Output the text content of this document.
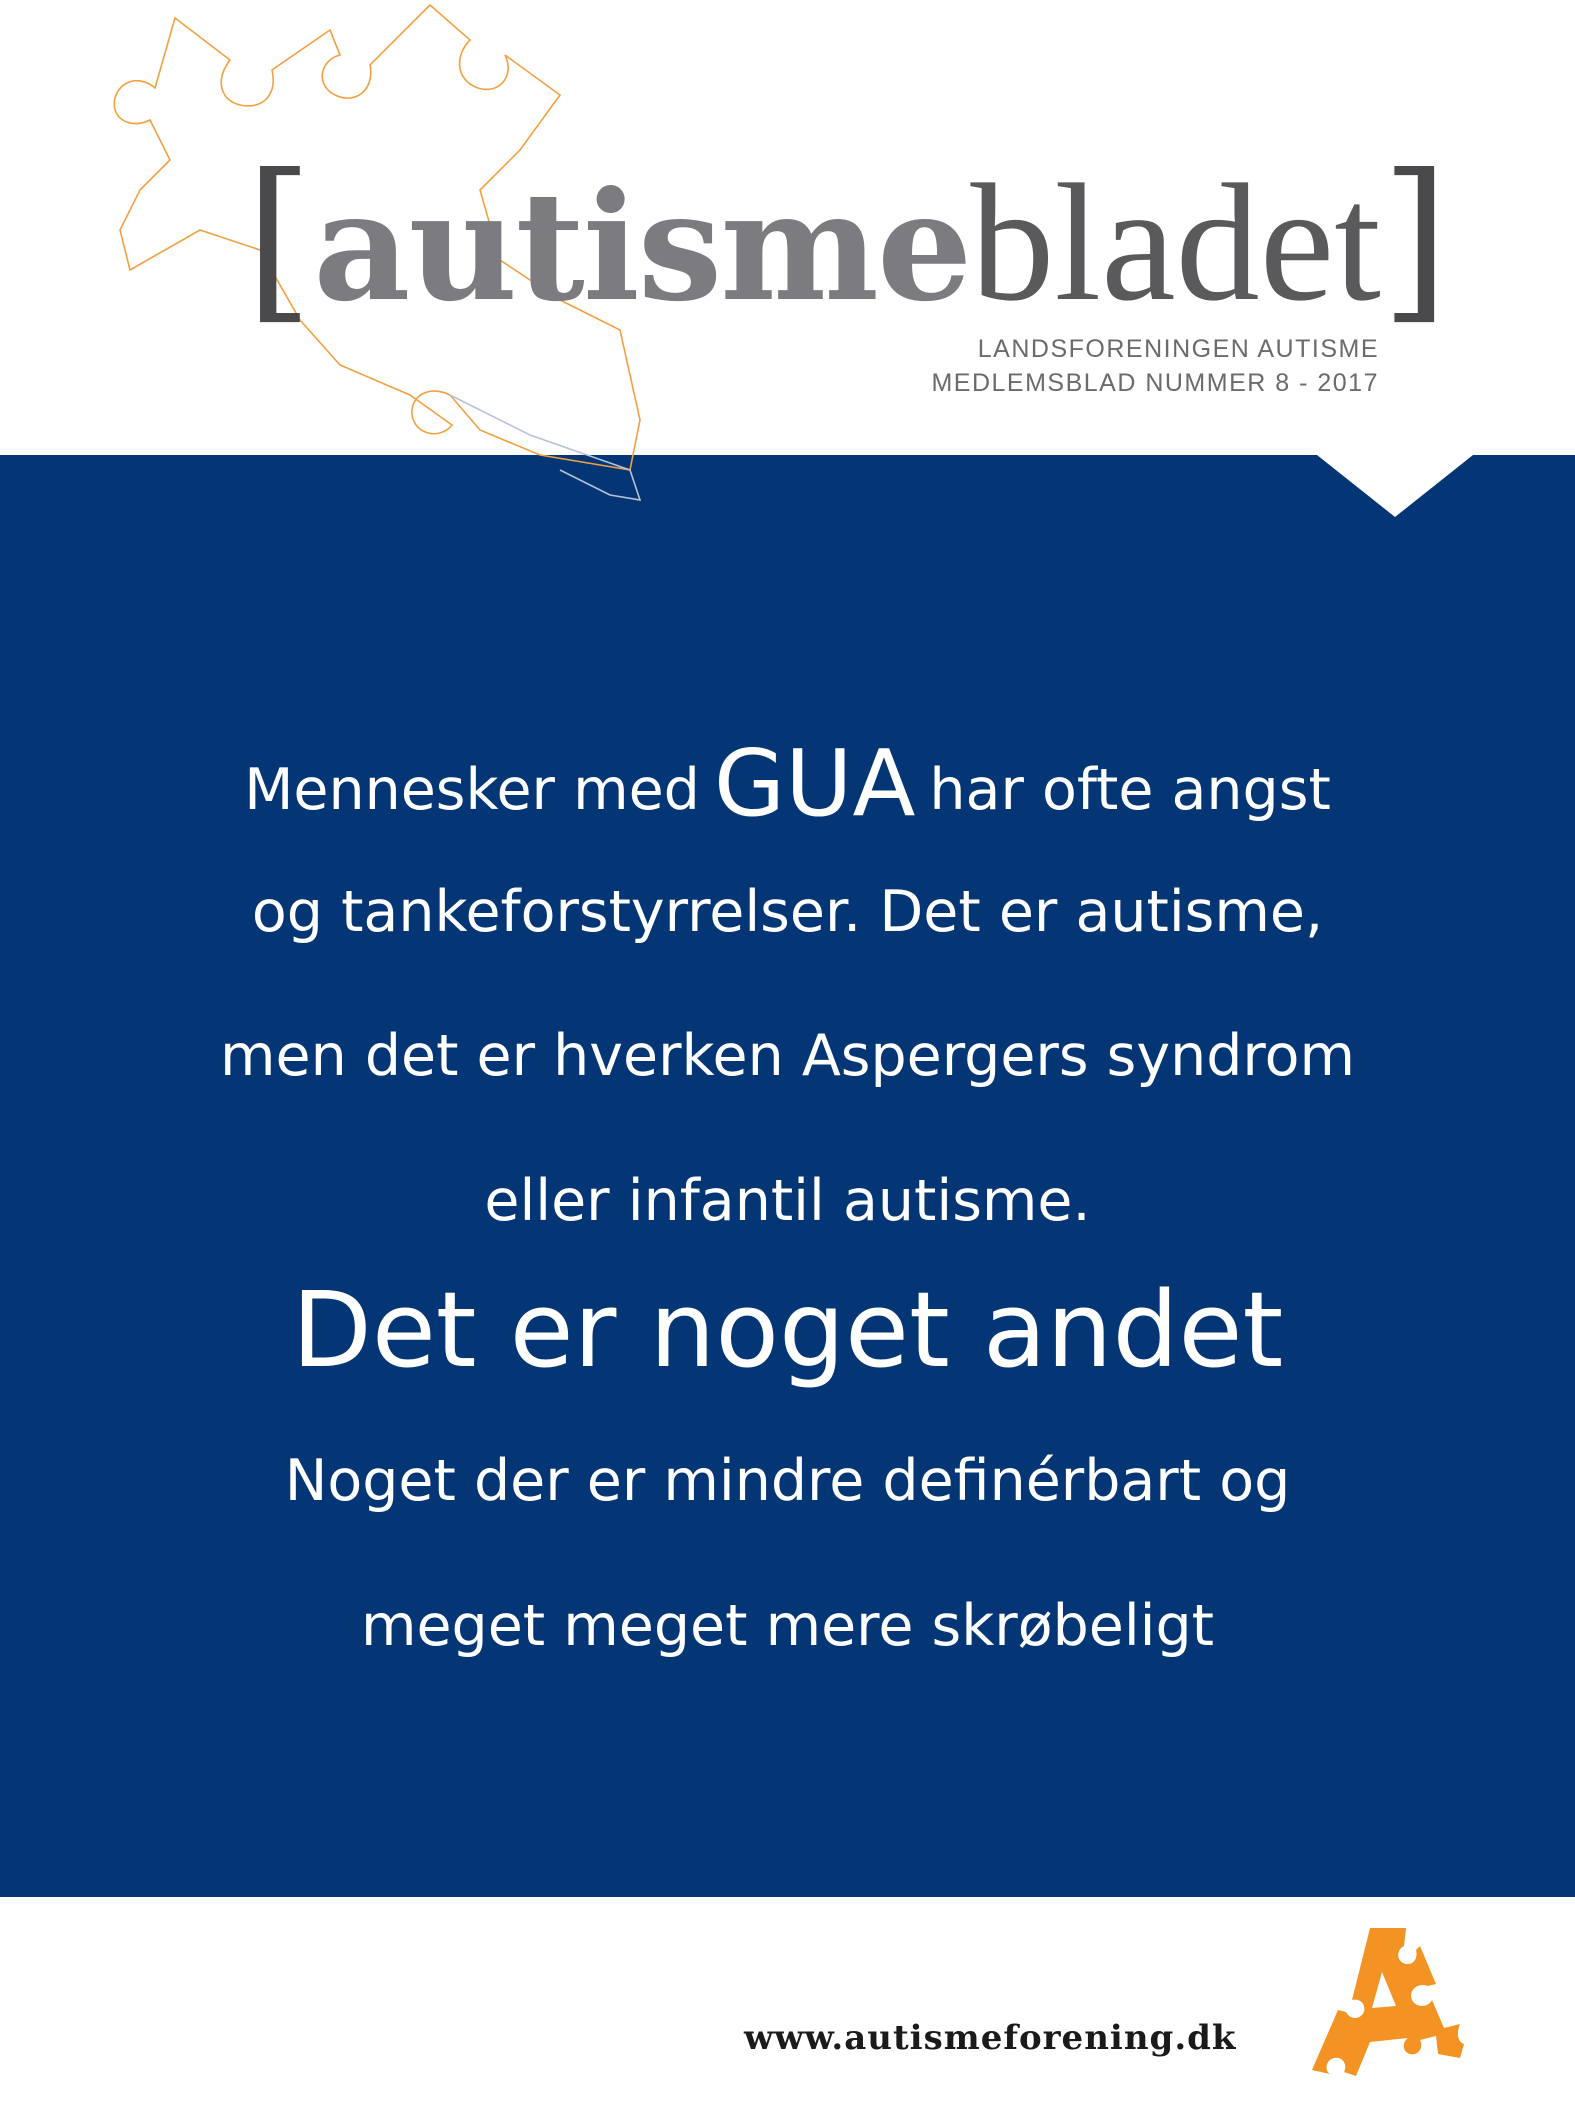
[autismebladet]
LANDSFORENINGEN AUTISME
MEDLEMSBLAD NUMMER 8 - 2017
Mennesker med GUA har ofte angst
og tankeforstyrrelser. Det er autisme,
men det er hverken Aspergers syndrom
eller infantil autisme.
Det er noget andet
Noget der er mindre definérbart og
meget meget mere skrøbeligt
www.autismeforening.dk
